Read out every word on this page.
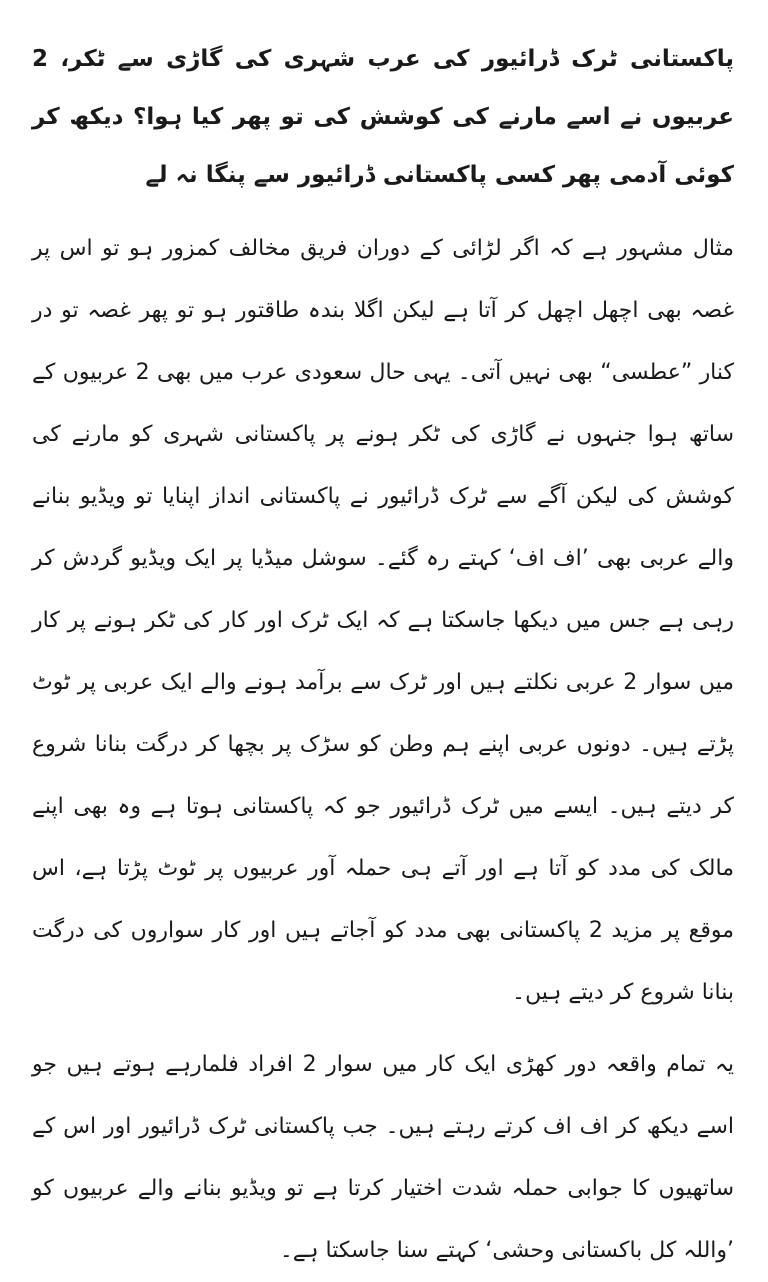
پاکستانی ٹرک ڈرائیور کی عرب شہری کی گاڑی سے ٹکر، 2 عربیوں نے اسے مارنے کی کوشش کی تو پھر کیا ہوا؟ دیکھ کر کوئی آدمی پھر کسی پاکستانی ڈرائیور سے پنگا نہ لے

مثال مشہور ہے کہ اگر لڑائی کے دوران فریق مخالف کمزور ہو تو اس پر غصہ بھی اچھل اچھل کر آتا ہے لیکن اگلا بندہ طاقتور ہو تو پھر غصہ تو در کنار ”عطسی“ بھی نہیں آتی۔ یہی حال سعودی عرب میں بھی 2 عربیوں کے ساتھ ہوا جنہوں نے گاڑی کی ٹکر ہونے پر پاکستانی شہری کو مارنے کی کوشش کی لیکن آگے سے ٹرک ڈرائیور نے پاکستانی انداز اپنایا تو ویڈیو بنانے والے عربی بھی ’اف اف‘ کہتے رہ گئے۔ سوشل میڈیا پر ایک ویڈیو گردش کر رہی ہے جس میں دیکھا جاسکتا ہے کہ ایک ٹرک اور کار کی ٹکر ہونے پر کار میں سوار 2 عربی نکلتے ہیں اور ٹرک سے برآمد ہونے والے ایک عربی پر ٹوٹ پڑتے ہیں۔ دونوں عربی اپنے ہم وطن کو سڑک پر بچھا کر درگت بنانا شروع کر دیتے ہیں۔ ایسے میں ٹرک ڈرائیور جو کہ پاکستانی ہوتا ہے وہ بھی اپنے مالک کی مدد کو آتا ہے اور آتے ہی حملہ آور عربیوں پر ٹوٹ پڑتا ہے، اس موقع پر مزید 2 پاکستانی بھی مدد کو آجاتے ہیں اور کار سواروں کی درگت بنانا شروع کر دیتے ہیں۔

یہ تمام واقعہ دور کھڑی ایک کار میں سوار 2 افراد فلمارہے ہوتے ہیں جو اسے دیکھ کر اف اف کرتے رہتے ہیں۔ جب پاکستانی ٹرک ڈرائیور اور اس کے ساتھیوں کا جوابی حملہ شدت اختیار کرتا ہے تو ویڈیو بنانے والے عربیوں کو ’واللہ کل باکستانی وحشی‘ کہتے سنا جاسکتا ہے۔
